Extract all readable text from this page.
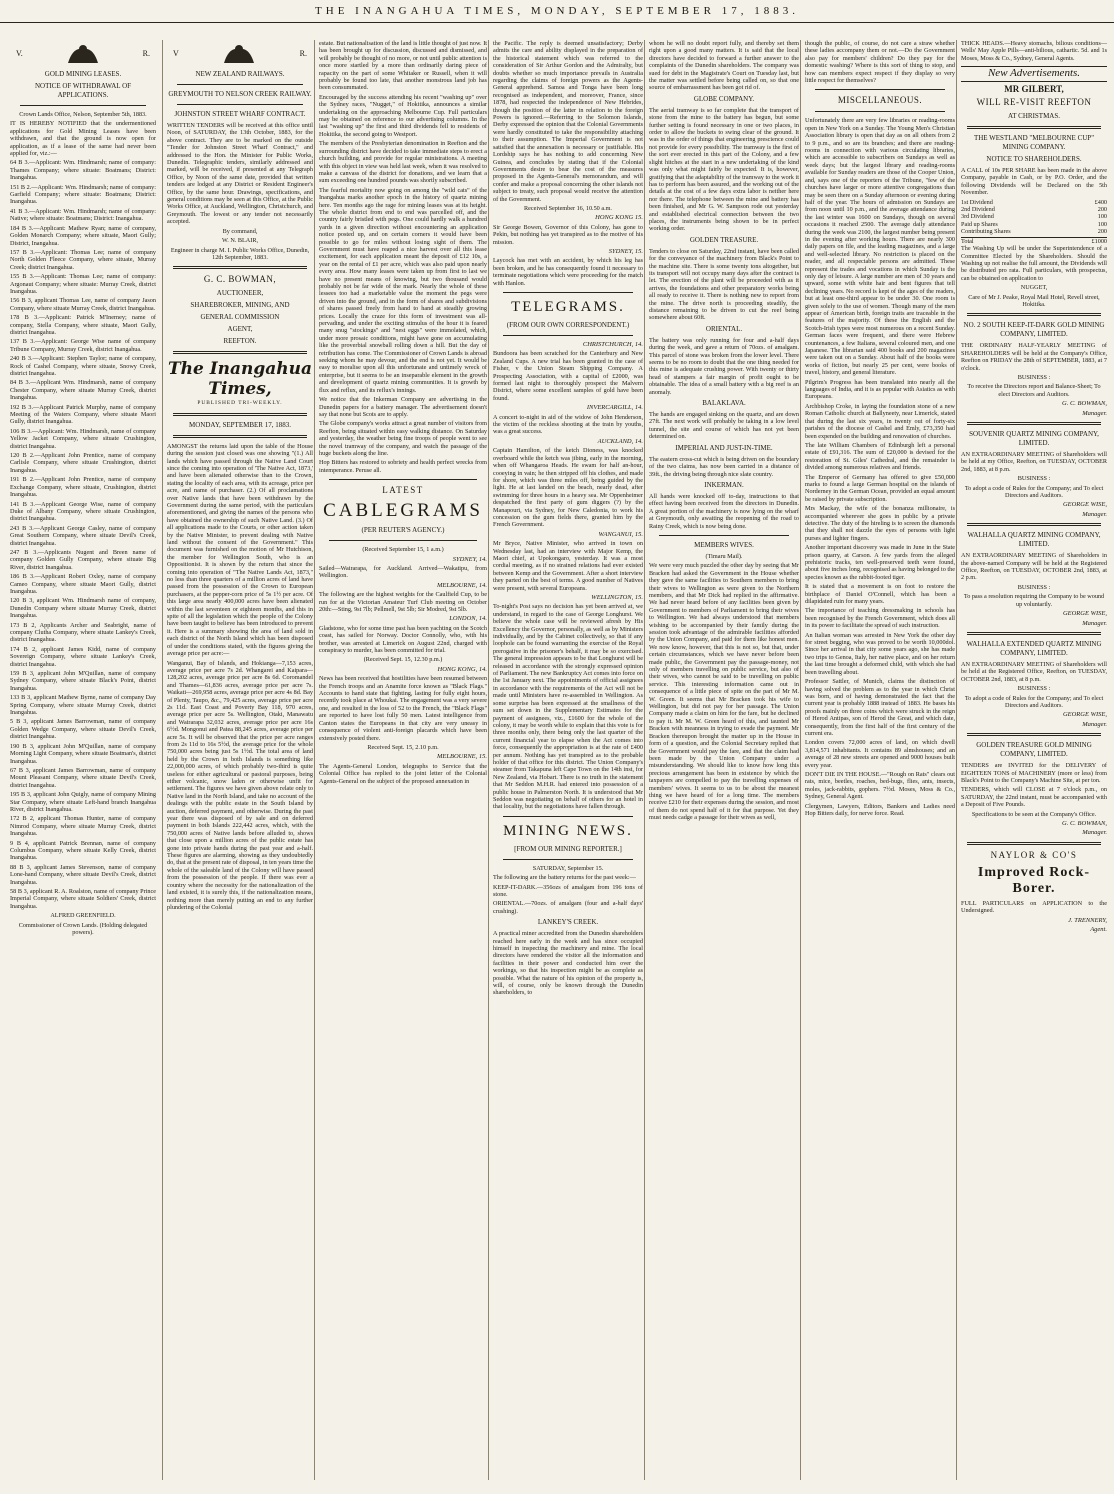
THE INANGAHUA TIMES, MONDAY, SEPTEMBER 17, 1883.
V.	R.
GOLD MINING LEASES.
NOTICE OF WITHDRAWAL OF APPLICATIONS.

Crown Lands Office, Nelson, September 5th, 1883.

IT IS HEREBY NOTIFIED that the undermentioned applications for Gold Mining Leases have been withdrawn, and that the ground is now open for application, as if a lease of the same had never been applied for, viz.:—

64 B 3.—Applicant: Wm. Hindmarsh; name of company: Thames Company; where situate: Boatmans; District: Inangahua.

151 B 2.—Applicant: Wm. Hindmarsh; name of company: Garfield Company; where situate: Boatmans; District: Inangahua.

41 B 3.—Applicant: Wm. Hindmarsh; name of company: Native; where situate: Boatmans; District: Inangahua.

184 B 3.—Applicant: Mathew Ryan; name of company, Golden Monarch Company; where situate, Maori Gully; District, Inangahua.

157 B 3.—Applicant: Thomas Lee; name of company North Golden Fleece Company, where situate, Murray Creek; district Inangahua.

155 B 3.—Applicant: Thomas Lee; name of company: Argonaut Company; where situate: Murray Creek, district Inangahua.

156 B 3, applicant Thomas Lee, name of company Jason Company, where situate Murray Creek, district Inangahua.

178 B 3.—Applicant: Patrick M'Inerney; name of company, Stella Company, where situate, Maori Gully, district Inangahua.

137 B 3.—Applicant: George Wise name of company Tribune Company, Murray Creek, district Inangahua.

240 B 3.—Applicant: Stephen Taylor; name of company, Rock of Cashel Company, where situate, Snowy Creek, district Inangahua.

84 B 3.—Applicant Wm. Hindmarsh, name of company Chester Company, where situate Murray Creek, district Inangahua.

192 B 3.—Applicant Patrick Murphy, name of company Meeting of the Waters Company, where situate Maori Gully, district Inangahua.

106 B 3.—Applicant: Wm. Hindmarsh, name of company Yellow Jacket Company, where situate Crushington, district Inangahua.

120 B 2.—Applicant John Prentice, name of company Carlisle Company, where situate Crushington, district Inangahua.

191 B 2.—Applicant John Prentice, name of company Exchange Company, where situate, Crushington, district Inangahua.

141 B 3.—Applicant George Wise, name of company Duke of Albany Company, where situate Crushington, district Inangahua.

243 B 3.—Applicant George Casley, name of company Great Southern Company, where situate Devil's Creek, district Inangahua.

247 B 3.—Applicants Nugent and Breen name of company Golden Gully Company, where situate Big River, district Inangahua.

186 B 3.—Applicant Robert Oxley, name of company Cameo Company, where situate Maori Gully, district Inangahua.

120 B 3, applicant Wm. Hindmarsh name of company, Dunedin Company where situate Murray Creek, district Inangahua.

173 B 2, Applicants Archer and Seabright, name of company Clutha Company, where situate Lankey's Creek, district Inangahua.

174 B 2, applicant James Kidd, name of company Sovereign Company, where situate Lankey's Creek, district Inangahua.

159 B 3, applicant John M'Quillan, name of company Sydney Company, where situate Black's Point, district Inangahua.

133 B 3, applicant Mathew Byrne, name of company Day Spring Company, where situate Murray Creek, district Inangahua.

5 B 3, applicant James Barrowman, name of company Golden Wedge Company, where situate Devil's Creek, district Inangahua.

190 B 3, applicant John M'Quillan, name of company Morning Light Company, where situate Boatman's, district Inangahua.

67 B 3, applicant James Barrowman, name of company Mount Pleasant Company, where situate Devil's Creek, district Inangahua.

195 B 3, applicant John Quigly, name of company Mining Star Company, where situate Left-hand branch Inangahua River, district Inangahua.

172 B 2, applicant Thomas Hunter, name of company Nimrod Company, where situate Murray Creek, district Inangahua.

9 B 4, applicant Patrick Brennan, name of company Columbus Company, where situate Kelly Creek, district Inangahua.

88 B 3, applicant James Stevenson, name of company Lone-hand Company, where situate Devil's Creek, district Inangahua.

58 B 3, applicant R. A. Roalston, name of company Prince Imperial Company, where situate Soldiers' Creek, district Inangahua.

ALFRED GREENFIELD.

Commissioner of Crown Lands. (Holding delegated powers).

V	R.
NEW ZEALAND RAILWAYS.
GREYMOUTH TO NELSON CREEK RAILWAY.
JOHNSTON STREET WHARF CONTRACT.

WRITTEN TENDERS will be received at this office until Noon, of SATURDAY, the 13th October, 1883, for the above contract. They are to be marked on the outside "Tender for Johnston Street Wharf Contract," and addressed to the Hon. the Minister for Public Works, Dunedin. Telegraphic tenders, similarly addressed and marked, will be received, if presented at any Telegraph Office, by Noon of the same date, provided that written tenders are lodged at any District or Resident Engineer's Office, by the same hour. Drawings, specifications, and general conditions may be seen at this Office, at the Public Works Office, at Auckland, Wellington, Christchurch, and Greymouth. The lowest or any tender not necessarily accepted.

By command,

W. N. BLAIR,

Engineer in charge M. I. Public Works Office, Dunedin, 12th September, 1883.

G. C. BOWMAN,
AUCTIONEER,
SHAREBROKER, MINING, AND
GENERAL COMMISSION
AGENT,
REEFTON.
The Inangahua Times,
PUBLISHED TRI-WEEKLY.
MONDAY, SEPTEMBER 17, 1883.

AMONGST the returns laid upon the table of the House during the session just closed was one showing "(1.) All lands which have passed through the Native Land Court since the coming into operation of 'The Native Act, 1873,' and have been alienated otherwise than to the Crown, stating the locality of each area, with its acreage, price per acre, and name of purchaser. (2.) Of all proclamations over Native lands that have been withdrawn by the Government during the same period, with the particulars aforementioned, and giving the names of the persons who have obtained the ownership of such Native Land. (3.) Of all applications made to the Courts, or other action taken by the Native Minister, to prevent dealing with Native land without the consent of the Government." This document was furnished on the motion of Mr Hutchison, the member for Wellington South, who is an Oppositionist. It is shown by the return that since the coming into operation of "The Native Lands Act, 1873," no less than three quarters of a million acres of land have passed from the possession of the Crown to European purchasers, at the pepper-corn price of 5s 1½ per acre. Of this large area nearly 400,000 acres have been alienated within the last seventeen or eighteen months, and this in spite of all the legislation which the people of the Colony have been taught to believe has been introduced to prevent it. Here is a summary showing the area of land sold in each district of the North Island which has been disposed of under the conditions stated, with the figures giving the average price per acre:—

Wanganui, Bay of Islands, and Hokianga—7,153 acres, average price per acre 7s 2d. Whangarei and Kaipara—128,202 acres, average price per acre 8s 6d. Coromandel and Thames—61,836 acres, average price per acre 7s. Waikati—269,958 acres, average price per acre 4s 8d. Bay of Plenty, Taupo, &c., 79,425 acres, average price per acre 2s 11d. East Coast and Poverty Bay 118, 970 acres, average price per acre 5s. Wellington, Otaki, Manawatu and Wairarapa 32,032 acres, average price per acre 16s 6½d. Mongonui and Patea 88,245 acres, average price per acre 5s. It will be observed that the price per acre ranges from 2s 11d to 16s 5½d, the average price for the whole 750,000 acres being just 5s 1½d. The total area of land held by the Crown in both Islands is something like 22,000,000 acres, of which probably two-third is quite useless for either agricultural or pastoral purposes, being either volcanic, snow laden or otherwise unfit for settlement. The figures we have given above relate only to Native land in the North Island, and take no account of the dealings with the public estate in the South Island by auction, deferred payment, and otherwise. During the past year there was disposed of by sale and on deferred payment in both Islands 222,442 acres, which, with the 750,000 acres of Native lands before alluded to, shows that close upon a million acres of the public estate has gone into private hands during the past year and a-half. These figures are alarming, showing as they undoubtedly do, that at the present rate of disposal, in ten years time the whole of the saleable land of the Colony will have passed from the possession of the people. If there was ever a country where the necessity for the nationalization of the land existed, it is surely this, if the nationalization means, nothing more than merely putting an end to any further plundering of the Colonial

estate. But nationalisation of the land is little thought of just now. It has been brought up for discussion, discussed and dismissed, and will probably be thought of no more, or not until public attention is once more startled by a more than ordinarily daring piece of rapacity on the part of some Whitaker or Russell, when it will probably be found too late, that another monstrous land job has been consummated.

Encouraged by the success attending his recent "washing up" over the Sydney races, "Nugget," of Hokitika, announces a similar undertaking on the approaching Melbourne Cup. Full particulars may be obtained on reference to our advertising columns. In the last "washing up" the first and third dividends fell to residents of Hokitika, the second going to Westport.

The members of the Presbyterian denomination in Reefton and the surrounding district have decided to take immediate steps to erect a church building, and provide for regular ministrations. A meeting with this object in view was held last week, when it was resolved to make a canvass of the district for donations, and we learn that a sum exceeding one hundred pounds was shortly subscribed.

The fearful mortality now going on among the "wild cats" of the Inangahua marks another epoch in the history of quartz mining here. Ten months ago the rage for mining leases was at its height. The whole district from end to end was parcelled off, and the country fairly bristled with pegs. One could hardly walk a hundred yards in a given direction without encountering an application notice posted up, and on certain corners it would have been possible to go for miles without losing sight of them. The Government must have reaped a nice harvest over all this lease excitement, for each application meant the deposit of £12 10s, a year on the rental of £1 per acre, which was also paid upon nearly every area. How many leases were taken up from first to last we have no present means of knowing, but two thousand would probably not be far wide of the mark. Nearly the whole of these lessees too had a marketable value the moment the pegs were driven into the ground, and in the form of shares and subdivisions of shares passed freely from hand to hand at steadily growing prices. Locally the craze for this form of investment was all-pervading, and under the exciting stimulus of the hour it is feared many snug "stockings" and "nest eggs" were immolated, which, under more prosaic conditions, might have gone on accumulating like the proverbial snowball rolling down a hill. But the day of retribution has come. The Commissioner of Crown Lands is abroad seeking whom he may devour, and the end is not yet. It would be easy to moralise upon all this unfortunate and untimely wreck of enterprise, but it seems to be an inseparable element in the growth and development of quartz mining communities. It is growth by flux and reflux, and its reflux's innings.

We notice that the Inkerman Company are advertising in the Dunedin papers for a battery manager. The advertisement doesn't say that none but Scots are to apply.

The Globe company's works attract a great number of visitors from Reefton, being situated within easy walking distance. On Saturday and yesterday, the weather being fine troops of people went to see the novel tramway of the company, and watch the passage of the huge buckets along the line.

Hop Bitters has restored to sobriety and health perfect wrecks from intemperance. Peruse all.

LATEST
CABLEGRAMS
(PER REUTER'S AGENCY.)

(Received September 15, 1 a.m.)

SYDNEY, 14.

Sailed—Wairarapa, for Auckland. Arrived—Wakatipu, from Wellington.

MELBOURNE, 14.

The following are the highest weights for the Caulfield Cup, to be run for at the Victorian Amateur Turf Club meeting on October 20th:—Sting, 9st 7lb; Pellmell, 9st 5lb; Sir Modred, 9st 5lb.

LONDON, 14.

Gladstone, who for some time past has been yachting on the Scotch coast, has sailed for Norway. Doctor Connolly, who, with his brother, was arrested at Limerick on August 22nd, charged with conspiracy to murder, has been committed for trial.

(Received Sept. 15, 12.30 p.m.)

HONG KONG, 14.

News has been received that hostilities have been resumed between the French troops and an Anamite force known as "Black Flags." Accounts to hand state that fighting, lasting for fully eight hours, recently took place at Whoukai. The engagement was a very severe one, and resulted in the loss of 52 to the French, the "Black Flags" are reported to have lost fully 50 men. Latest intelligence from Canton states the Europeans in that city are very uneasy in consequence of violent anti-foreign placards which have been extensively posted there.

Received Sept. 15, 2.10 p.m.

MELBOURNE, 15.

The Agents-General London, telegraphs to Service that the Colonial Office has replied to the joint letter of the Colonial Agents-General on the subject of the proposed annexation in

the Pacific. The reply is deemed unsatisfactory; Derby admits the care and ability displayed in the preparation of the historical statement which was referred to the consideration of Sir Arthur Gordon and the Admiralty, but doubts whether so much importance prevails in Australia regarding the claims of foreign powers as the Agents-General apprehend. Samoa and Tonga have been long recognised as independent, and moreover, France, since 1878, had respected the independence of New Hebrides, though the position of the latter in relation to the foreign Powers is ignored.—Referring to the Solomon Islands, Derby expressed the opinion that the Colonial Governments were hardly constituted to take the responsibility attaching to their assumption. The Imperial Government is not satisfied that the annexation is necessary or justifiable. His Lordship says he has nothing to add concerning New Guinea, and concludes by stating that if the Colonial Governments desire to bear the cost of the measures proposed in the Agents-General's memorandum, and will confer and make a proposal concerning the other islands not subject to treaty, such proposal would receive the attention of the Government.

Received September 16, 10.50 a.m.

HONG KONG 15.

Sir George Bowen, Governor of this Colony, has gone to Pekin, but nothing has yet transpired as to the motive of his mission.

SYDNEY, 15.

Laycock has met with an accident, by which his leg has been broken, and he has consequently found it necessary to terminate negotiations which were proceeding for the match with Hanlon.

TELEGRAMS.
(FROM OUR OWN CORRESPONDENT.)

CHRISTCHURCH, 14.

Bundoora has been scratched for the Canterbury and New Zealand Cups. A new trial has been granted in the case of Fisher, v the Union Steam Shipping Company. A Prospecting Association, with a capital of £2000, was formed last night to thoroughly prospect the Malvern District, where some excellent samples of gold have been found.

INVERCARGILL, 14.

A concert to-night in aid of the widow of John Henderson, the victim of the reckless shooting at the train by youths, was a great success.

AUCKLAND, 14.

Captain Hamilton, of the ketch Dioness, was knocked overboard while the ketch was jibing, early in the morning, when off Whangaroa Heads. He swam for half an-hour, cooeying in vain; he then stripped off his clothes, and made for shore, which was three miles off, being guided by the light. He at last landed on the beach, nearly dead, after swimming for three hours in a heavy sea. Mr Oppenheimer despatched the first party of gum diggers (?) by the Manapouri, via Sydney, for New Caledonia, to work his concession on the gum fields there, granted him by the French Government.

WANGANUI, 15.

Mr Bryce, Native Minister, who arrived in town on Wednesday last, had an interview with Major Kemp, the Maori chief, at Upokongaro, yesterday. It was a most cordial meeting, as if no strained relations had ever existed between Kemp and the Government. After a short interview they parted on the best of terms. A good number of Natives were present, with several Europeans.

WELLINGTON, 15.

To-night's Post says no decision has yet been arrived at, we understand, in regard to the case of George Longhurst. We believe the whole case will be reviewed afresh by His Excellency the Governor, personally, as well as by Ministers individually, and by the Cabinet collectively, so that if any loophole can be found warranting the exercise of the Royal prerogative in the prisoner's behalf, it may be so exercised. The general impression appears to be that Longhurst will be released in accordance with the strongly expressed opinion of Parliament. The new Bankruptcy Act comes into force on the 1st January next. The appointments of official assignees in accordance with the requirements of the Act will not be made until Ministers have re-assembled in Wellington. As some surprise has been expressed at the smallness of the sum set down in the Supplementary Estimates for the payment of assignees, viz., £1600 for the whole of the colony, it may be worth while to explain that this vote is for three months only, there being only the last quarter of the current financial year to elapse when the Act comes into force, consequently the appropriation is at the rate of £400 per annum. Nothing has yet transpired as to the probable holder of that office for this district. The Union Company's steamer from Takapuna left Cape Town on the 14th inst, for New Zealand, via Hobart. There is no truth in the statement that Mr Seddon M.H.R. had entered into possession of a public house in Palmerston North. It is understood that Mr Seddon was negotiating on behalf of others for an hotel in that locality, but the negotiations have fallen through.

MINING NEWS.
[FROM OUR MINING REPORTER.]

SATURDAY, September 15.

The following are the battery returns for the past week:—

KEEP-IT-DARK.—356ozs of amalgam from 196 tons of stone.

ORIENTAL.—70ozs. of amalgam (four and a-half days' crushing).

LANKEY'S CREEK.

A practical miner accredited from the Dunedin shareholders reached here early in the week and has since occupied himself in inspecting the machinery and mine. The local directors have rendered the visitor all the information and facilities in their power and conducted him over the workings, so that his inspection might be as complete as possible. What the nature of his opinion of the property is, will, of course, only be known through the Dunedin shareholders, to

whom he will no doubt report fully, and thereby set them right upon a good many matters. It is said that the local directors have decided to forward a further answer to the complaints of the Dunedin shareholders. The company was sued for debt in the Magistrate's Court on Tuesday last, but the matter was settled before being called on, so that one source of embarrassment has been got rid of.

GLOBE COMPANY.

The aerial tramway is so far complete that the transport of stone from the mine to the battery has begun, but some further setting is found necessary in one or two places, in order to allow the buckets to swing clear of the ground. It was in the order of things that engineering prescience could not provide for every possibility. The tramway is the first of the sort ever erected in this part of the Colony, and a few slight hitches at the start in a new undertaking of the kind was only what might fairly be expected. It is, however, gratifying that the adaptability of the tramway to the work it has to perform has been assured, and the working out of the details at the cost of a few days extra labor is neither here nor there. The telephone between the mine and battery has been finished, and Mr G. W. Sampson rode out yesterday and established electrical connection between the two places, the instruments being shown to be in perfect working order.

GOLDEN TREASURE.

Tenders to close on Saturday, 22nd instant, have been called for the conveyance of the machinery from Black's Point to the machine site. There is some twenty tons altogether, but its transport will not occupy many days after the contract is let. The erection of the plant will be proceeded with as it arrives, the foundations and other preparatory works being all ready to receive it. There is nothing new to report from the mine. The drive north is proceeding steadily, the distance remaining to be driven to cut the reef being somewhere about 60ft.

ORIENTAL.

The battery was only running for four and a-half days during the week, and gave a return of 70ozs. of amalgam. This parcel of stone was broken from the lower level. There seems to be no room to doubt that the one thing needed for this mine is adequate crushing power. With twenty or thirty head of stampers a fair margin of profit ought to be obtainable. The idea of a small battery with a big reef is an anomaly.

BALAKLAVA.

The hands are engaged sinking on the quartz, and are down 27ft. The next work will probably be taking in a low level tunnel, the site and course of which has not yet been determined on.

IMPERIAL AND JUST-IN-TIME.

The eastern cross-cut which is being driven on the boundary of the two claims, has now been carried in a distance of 39ft., the driving being through nice slate country.

INKERMAN.

All hands were knocked off to-day, instructions to that effect having been received from the directors in Dunedin. A great portion of the machinery is now lying on the wharf at Greymouth, only awaiting the reopening of the road to Rainy Creek, which is now being done.

MEMBERS WIVES.

(Timaru Mail).

We were very much puzzled the other day by seeing that Mr Bracken had asked the Government in the House whether they gave the same facilities to Southern members to bring their wives to Wellington as were given to the Northern members, and that Mr Dick had replied in the affirmative. We had never heard before of any facilities been given by Government to members of Parliament to bring their wives to Wellington. We had always understood that members wishing to be accompanied by their family during the session took advantage of the admirable facilities afforded by the Union Company, and paid for them like honest men. We now know, however, that this is not so, but that, under certain circumstances, which we have never before been made public, the Government pay the passage-money, not only of members travelling on public service, but also of their wives, who cannot be said to be travelling on public service. This interesting information came out in consequence of a little piece of spite on the part of Mr M. W. Green. It seems that Mr Bracken took his wife to Wellington, but did not pay for her passage. The Union Company made a claim on him for the fare, but he declined to pay it. Mr M. W. Green heard of this, and taunted Mr Bracken with meanness in trying to evade the payment. Mr Bracken thereupon brought the matter up in the House in form of a question, and the Colonial Secretary replied that the Government would pay the fare, and that the claim had been made by the Union Company under a misunderstanding. We should like to know how long this precious arrangement has been in existence by which the taxpayers are compelled to pay the travelling expenses of members' wives. It seems to us to be about the meanest thing we have heard of for a long time. The members receive £210 for their expenses during the session, and most of them do not spend half of it for that purpose. Yet they must needs cadge a passage for their wives as well,

though the public, of course, do not care a straw whether these ladies accompany them or not.—Do the Government also pay for members' children? Do they pay for the domestic washing? Where is this sort of thing to stop, and how can members expect respect if they display so very little respect for themselves?

MISCELLANEOUS.

Unfortunately there are very few libraries or reading-rooms open in New York on a Sunday. The Young Men's Christian Association library is open that day as on all others from 2 to 9 p.m., and so are its branches; and there are reading-rooms in connection with various circulating libraries, which are accessible to subscribers on Sundays as well as week days; but the largest library and reading-rooms available for Sunday readers are those of the Cooper Union, and, says one of the reporters of the Tribune, "few of the churches have larger or more attentive congregations than may be seen there on a Sunday afternoon or evening during half of the year. The hours of admission on Sundays are from noon until 10 p.m., and the average attendance during the last winter was 1600 on Sundays, though on several occasions it reached 2500. The average daily attendance during the week was 2100, the largest number being present in the evening after working hours. There are nearly 300 daily papers on file, and the leading magazines, and a large and well-selected library. No restriction is placed on the reader, and all respectable persons are admitted. These represent the trades and vocations in which Sunday is the only day of leisure. A large number are men of 30 years and upward, some with white hair and bent figures that tell declining years. No record is kept of the ages of the readers, but at least one-third appear to be under 30. One room is given solely to the use of women. Though many of the men appear of American birth, foreign traits are traceable in the features of the majority. Of these the English and the Scotch-Irish types were most numerous on a recent Sunday. German faces were frequent, and there were Hebrew countenances, a few Italians, several coloured men, and one Japanese. The librarian said 400 books and 200 magazines were taken out on a Sunday. About half of the books were works of fiction, but nearly 25 per cent, were books of travel, history, and general literature.

Pilgrim's Progress has been translated into nearly all the languages of India, and it is as popular with Asiatics as with Europeans.

Archbishop Croke, in laying the foundation stone of a new Roman Catholic church at Ballyneety, near Limerick, stated that during the last six years, in twenty out of forty-six parishes of the diocese of Cashel and Emly, £73,350 had been expended on the building and renovation of churches.

The late William Chambers of Edinburgh left a personal estate of £91,316. The sum of £20,000 is devised for the restoration of St. Giles' Cathedral, and the remainder is divided among numerous relatives and friends.

The Emperor of Germany has offered to give £50,000 marks to found a large German hospital on the islands of Norderney in the German Ocean, provided an equal amount be raised by private subscription.

Mrs Mackay, the wife of the bonanza millionaire, is accompanied wherever she goes in public by a private detective. The duty of the hireling is to screen the diamonds that they shall not dazzle the eyes of persons with light purses and lighter fingers.

Another important discovery was made in June in the State prison quarry, at Carson. A few yards from the alleged prehistoric tracks, ten well-preserved teeth were found, about five inches long, recognised as having belonged to the species known as the rabbit-footed tiger.

It is stated that a movement is on foot to restore the birthplace of Daniel O'Connell, which has been a dilapidated ruin for many years.

The importance of teaching dressmaking in schools has been recognised by the French Government, which does all in its power to facilitate the spread of such instruction.

An Italian woman was arrested in New York the other day for street begging, who was proved to be worth 10,000dol. Since her arrival in that city some years ago, she has made two trips to Genoa, Italy, her native place, and on her return the last time brought a deformed child, with which she had been travelling about.

Professor Sattler, of Munich, claims the distinction of having solved the problem as to the year in which Christ was born, and of having demonstrated the fact that the current year is probably 1888 instead of 1883. He bases his proofs mainly on three coins which were struck in the reign of Herod Antipas, son of Herod the Great, and which date, consequently, from the first half of the first century of the current era.

London covers 72,000 acres of land, on which dwell 3,814,571 inhabitants. It contains 89 almshouses; and an average of 28 new streets are opened and 9000 houses built every year.

DON'T DIE IN THE HOUSE.—"Rough on Rats" clears out rats, mice, beetles, roaches, bed-bugs, flies, ants, insects, moles, jack-rabbits, gophers. 7½d. Moses, Moss & Co., Sydney, General Agent.

Clergymen, Lawyers, Editors, Bankers and Ladies need Hop Bitters daily, for nerve force. Read.

THICK HEADS.—Heavy stomachs, bilious conditions—Wells' May Apple Pills—anti-bilious, cathartic. 5d. and 1s Moses, Moss & Co., Sydney, General Agents.

New Advertisements.
MR GILBERT,
WILL RE-VISIT REEFTON
AT CHRISTMAS.
THE WESTLAND "MELBOURNE CUP" MINING COMPANY.
NOTICE TO SHAREHOLDERS.

A CALL of 10s PER SHARE has been made in the above Company, payable in Cash, or by P.O. Order, and the following Dividends will be Declared on the 5th November.

1st Dividend	£400
2nd Dividend	200
3rd Dividend	100
Paid up Shares	100
Contributing Shares	200
Total	£1000

The Washing Up will be under the Superintendence of a Committee Elected by the Shareholders. Should the Washing up not realise the full amount, the Dividends will be distributed pro rata. Full particulars, with prospectus, can be obtained on application to

NUGGET,

Care of Mr J. Peake, Royal Mail Hotel, Revell street, Hokitika.

NO. 2 SOUTH KEEP-IT-DARK GOLD MINING COMPANY, LIMITED.

THE ORDINARY HALF-YEARLY MEETING of SHAREHOLDERS will be held at the Company's Office, Reefton on FRIDAY the 28th of SEPTEMBER, 1883, at 7 o'clock.

BUSINESS :

To receive the Directors report and Balance-Sheet; To elect Directors and Auditors.

G. C. BOWMAN,

Manager.

SOUVENIR QUARTZ MINING COMPANY, LIMITED.

AN EXTRAORDINARY MEETING of Shareholders will be held at my Office, Reefton, on TUESDAY, OCTOBER 2nd, 1883, at 8 p.m.

BUSINESS :

To adopt a code of Rules for the Company; and To elect Directors and Auditors.

GEORGE WISE,

Manager.

WALHALLA QUARTZ MINING COMPANY, LIMITED.

AN EXTRAORDINARY MEETING of Shareholders in the above-named Company will be held at the Registered Office, Reefton, on TUESDAY, OCTOBER 2nd, 1883, at 2 p.m.

BUSINESS :

To pass a resolution requiring the Company to be wound up voluntarily.

GEORGE WISE,

Manager.

WALHALLA EXTENDED QUARTZ MINING COMPANY, LIMITED.

AN EXTRAORDINARY MEETING of Shareholders will be held at the Registered Office, Reefton, on TUESDAY, OCTOBER 2nd, 1883, at 8 p.m.

BUSINESS :

To adopt a code of Rules for the Company; and To elect Directors and Auditors.

GEORGE WISE,

Manager.

GOLDEN TREASURE GOLD MINING COMPANY, LIMITED.

TENDERS are INVITED for the DELIVERY of EIGHTEEN TONS of MACHINERY (more or less) from Black's Point to the Company's Machine Site, at per ton.

TENDERS, which will CLOSE at 7 o'clock p.m., on SATURDAY, the 22nd instant, must be accompanied with a Deposit of Five Pounds.

Specifications to be seen at the Company's Office.

G. C. BOWMAN,

Manager.

NAYLOR & CO'S
Improved Rock-Borer.

FULL PARTICULARS on APPLICATION to the Undersigned.

J. TRENNERY,

Agent.
